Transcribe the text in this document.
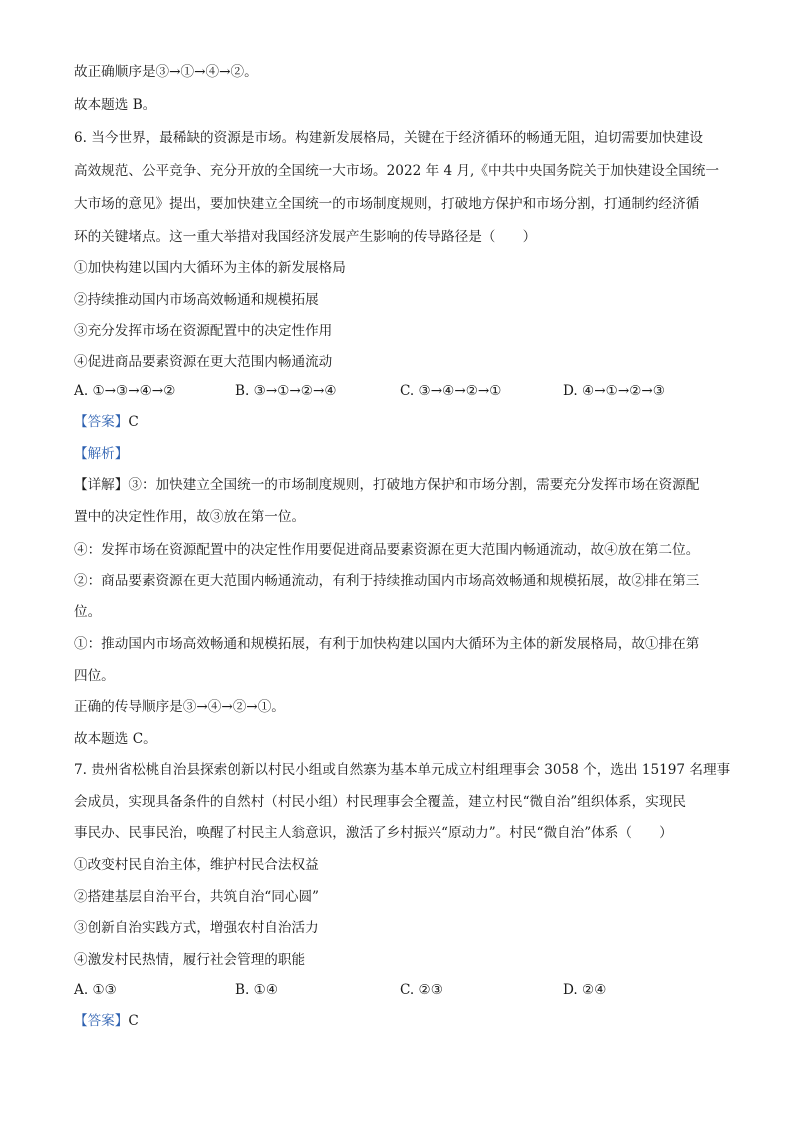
故正确顺序是③→①→④→②。
故本题选 B。
6. 当今世界，最稀缺的资源是市场。构建新发展格局，关键在于经济循环的畅通无阻，迫切需要加快建设
高效规范、公平竞争、充分开放的全国统一大市场。2022 年 4 月,《中共中央国务院关于加快建设全国统一
大市场的意见》提出，要加快建立全国统一的市场制度规则，打破地方保护和市场分割，打通制约经济循
环的关键堵点。这一重大举措对我国经济发展产生影响的传导路径是（　　）
①加快构建以国内大循环为主体的新发展格局
②持续推动国内市场高效畅通和规模拓展
③充分发挥市场在资源配置中的决定性作用
④促进商品要素资源在更大范围内畅通流动
A. ①→③→④→②	B. ③→①→②→④	C. ③→④→②→①	D. ④→①→②→③
【答案】C
【解析】
【详解】③：加快建立全国统一的市场制度规则，打破地方保护和市场分割，需要充分发挥市场在资源配
置中的决定性作用，故③放在第一位。
④：发挥市场在资源配置中的决定性作用要促进商品要素资源在更大范围内畅通流动，故④放在第二位。
②：商品要素资源在更大范围内畅通流动，有利于持续推动国内市场高效畅通和规模拓展，故②排在第三
位。
①：推动国内市场高效畅通和规模拓展，有利于加快构建以国内大循环为主体的新发展格局，故①排在第
四位。
正确的传导顺序是③→④→②→①。
故本题选 C。
7. 贵州省松桃自治县探索创新以村民小组或自然寨为基本单元成立村组理事会 3058 个，选出 15197 名理事
会成员，实现具备条件的自然村（村民小组）村民理事会全覆盖，建立村民“微自治”组织体系，实现民
事民办、民事民治，唤醒了村民主人翁意识，激活了乡村振兴“原动力”。村民“微自治”体系（　　）
①改变村民自治主体，维护村民合法权益
②搭建基层自治平台，共筑自治“同心圆”
③创新自治实践方式，增强农村自治活力
④激发村民热情，履行社会管理的职能
A. ①③	B. ①④	C. ②③	D. ②④
【答案】C
